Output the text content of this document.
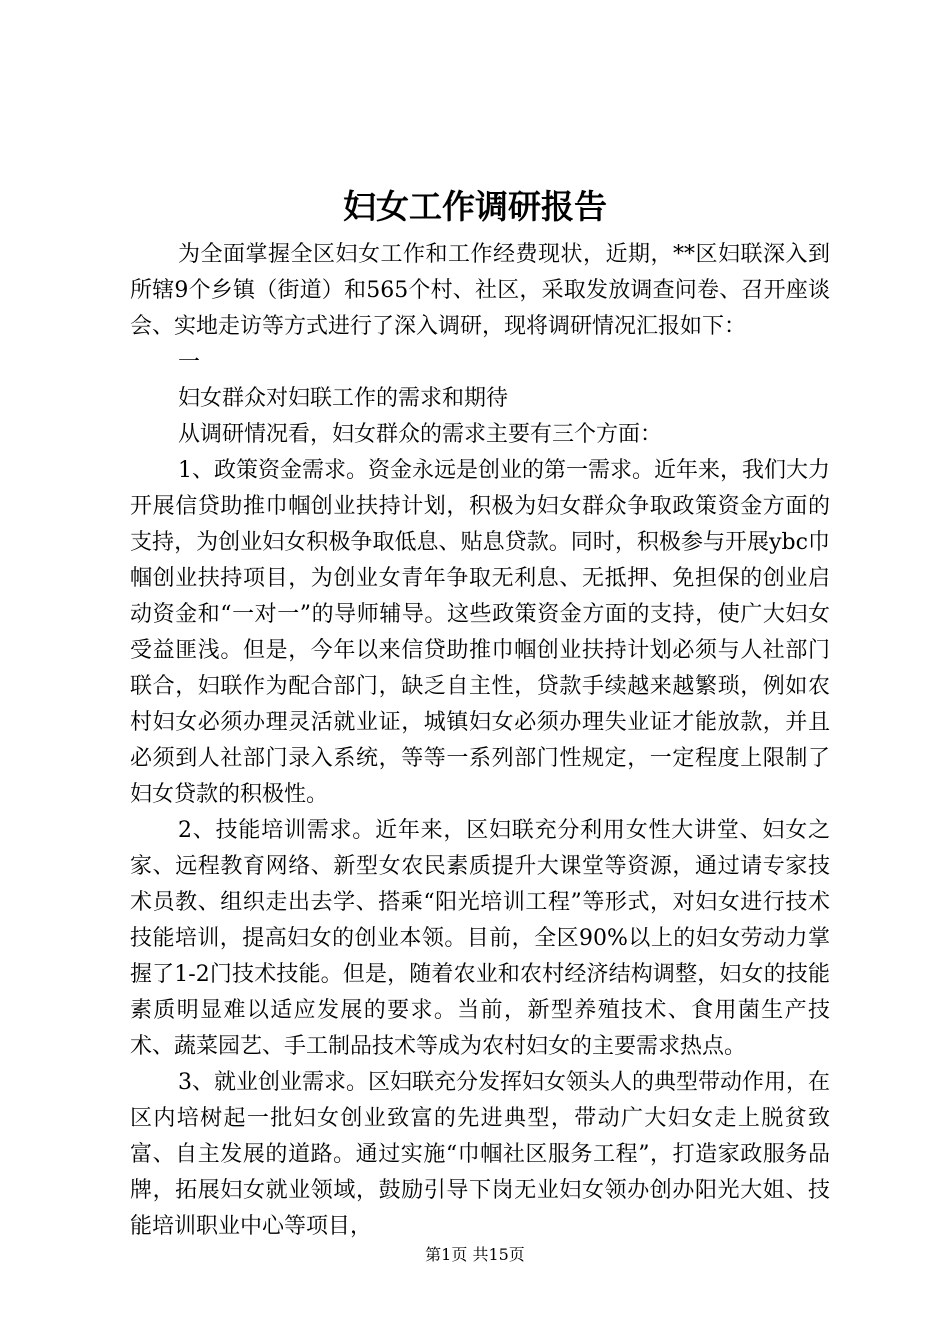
妇女工作调研报告

为全面掌握全区妇女工作和工作经费现状，近期，**区妇联深入到所辖9个乡镇（街道）和565个村、社区，采取发放调查问卷、召开座谈会、实地走访等方式进行了深入调研，现将调研情况汇报如下：

一

妇女群众对妇联工作的需求和期待

从调研情况看，妇女群众的需求主要有三个方面：

1、政策资金需求。资金永远是创业的第一需求。近年来，我们大力开展信贷助推巾帼创业扶持计划，积极为妇女群众争取政策资金方面的支持，为创业妇女积极争取低息、贴息贷款。同时，积极参与开展ybc巾帼创业扶持项目，为创业女青年争取无利息、无抵押、免担保的创业启动资金和“一对一”的导师辅导。这些政策资金方面的支持，使广大妇女受益匪浅。但是，今年以来信贷助推巾帼创业扶持计划必须与人社部门联合，妇联作为配合部门，缺乏自主性，贷款手续越来越繁琐，例如农村妇女必须办理灵活就业证，城镇妇女必须办理失业证才能放款，并且必须到人社部门录入系统，等等一系列部门性规定，一定程度上限制了妇女贷款的积极性。

2、技能培训需求。近年来，区妇联充分利用女性大讲堂、妇女之家、远程教育网络、新型女农民素质提升大课堂等资源，通过请专家技术员教、组织走出去学、搭乘“阳光培训工程”等形式，对妇女进行技术技能培训，提高妇女的创业本领。目前，全区90%以上的妇女劳动力掌握了1-2门技术技能。但是，随着农业和农村经济结构调整，妇女的技能素质明显难以适应发展的要求。当前，新型养殖技术、食用菌生产技术、蔬菜园艺、手工制品技术等成为农村妇女的主要需求热点。

3、就业创业需求。区妇联充分发挥妇女领头人的典型带动作用，在区内培树起一批妇女创业致富的先进典型，带动广大妇女走上脱贫致富、自主发展的道路。通过实施“巾帼社区服务工程”，打造家政服务品牌，拓展妇女就业领域，鼓励引导下岗无业妇女领办创办阳光大姐、技能培训职业中心等项目，

第1页 共15页
